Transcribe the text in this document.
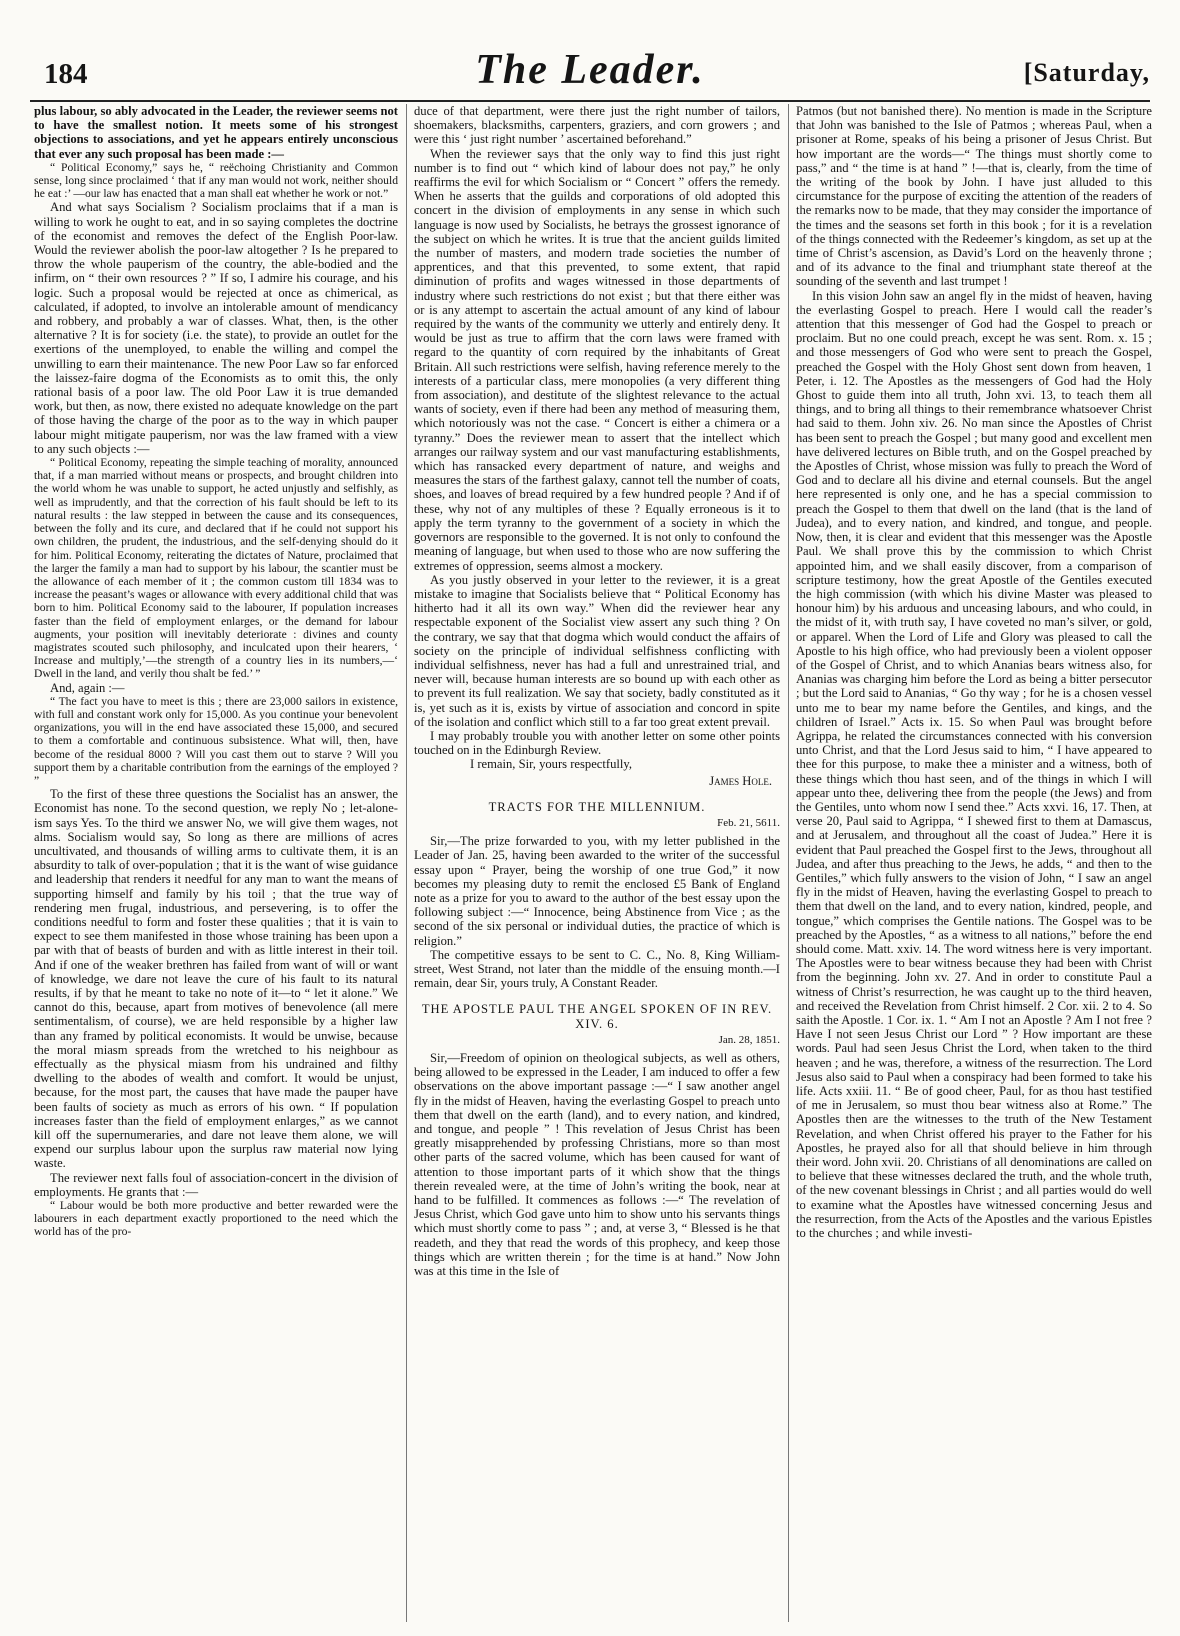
184	The Leader.	[Saturday,

plus labour, so ably advocated in the Leader, the reviewer seems not to have the smallest notion. It meets some of his strongest objections to associations, and yet he appears entirely unconscious that ever any such proposal has been made :—

“ Political Economy,” says he, “ reëchoing Christianity and Common sense, long since proclaimed ‘ that if any man would not work, neither should he eat :’ —our law has enacted that a man shall eat whether he work or not.”

And what says Socialism ? Socialism proclaims that if a man is willing to work he ought to eat, and in so saying completes the doctrine of the economist and removes the defect of the English Poor-law. Would the reviewer abolish the poor-law altogether ? Is he prepared to throw the whole pauperism of the country, the able-bodied and the infirm, on “ their own resources ? ” If so, I admire his courage, and his logic. Such a proposal would be rejected at once as chimerical, as calculated, if adopted, to involve an intolerable amount of mendicancy and robbery, and probably a war of classes. What, then, is the other alternative ? It is for society (i.e. the state), to provide an outlet for the exertions of the unemployed, to enable the willing and compel the unwilling to earn their maintenance. The new Poor Law so far enforced the laissez-faire dogma of the Economists as to omit this, the only rational basis of a poor law. The old Poor Law it is true demanded work, but then, as now, there existed no adequate knowledge on the part of those having the charge of the poor as to the way in which pauper labour might mitigate pauperism, nor was the law framed with a view to any such objects :—

“ Political Economy, repeating the simple teaching of morality, announced that, if a man married without means or prospects, and brought children into the world whom he was unable to support, he acted unjustly and selfishly, as well as imprudently, and that the correction of his fault should be left to its natural results : the law stepped in between the cause and its consequences, between the folly and its cure, and declared that if he could not support his own children, the prudent, the industrious, and the self-denying should do it for him. Political Economy, reiterating the dictates of Nature, proclaimed that the larger the family a man had to support by his labour, the scantier must be the allowance of each member of it ; the common custom till 1834 was to increase the peasant’s wages or allowance with every additional child that was born to him. Political Economy said to the labourer, If population increases faster than the field of employment enlarges, or the demand for labour augments, your position will inevitably deteriorate : divines and county magistrates scouted such philosophy, and inculcated upon their hearers, ‘ Increase and multiply,’—the strength of a country lies in its numbers,—‘ Dwell in the land, and verily thou shalt be fed.’ ”

And, again :—

“ The fact you have to meet is this ; there are 23,000 sailors in existence, with full and constant work only for 15,000. As you continue your benevolent organizations, you will in the end have associated these 15,000, and secured to them a comfortable and continuous subsistence. What will, then, have become of the residual 8000 ? Will you cast them out to starve ? Will you support them by a charitable contribution from the earnings of the employed ? ”

To the first of these three questions the Socialist has an answer, the Economist has none. To the second question, we reply No ; let-alone-ism says Yes. To the third we answer No, we will give them wages, not alms. Socialism would say, So long as there are millions of acres uncultivated, and thousands of willing arms to cultivate them, it is an absurdity to talk of over-population ; that it is the want of wise guidance and leadership that renders it needful for any man to want the means of supporting himself and family by his toil ; that the true way of rendering men frugal, industrious, and persevering, is to offer the conditions needful to form and foster these qualities ; that it is vain to expect to see them manifested in those whose training has been upon a par with that of beasts of burden and with as little interest in their toil. And if one of the weaker brethren has failed from want of will or want of knowledge, we dare not leave the cure of his fault to its natural results, if by that he meant to take no note of it—to “ let it alone.” We cannot do this, because, apart from motives of benevolence (all mere sentimentalism, of course), we are held responsible by a higher law than any framed by political economists. It would be unwise, because the moral miasm spreads from the wretched to his neighbour as effectually as the physical miasm from his undrained and filthy dwelling to the abodes of wealth and comfort. It would be unjust, because, for the most part, the causes that have made the pauper have been faults of society as much as errors of his own. “ If population increases faster than the field of employment enlarges,” as we cannot kill off the supernumeraries, and dare not leave them alone, we will expend our surplus labour upon the surplus raw material now lying waste.

The reviewer next falls foul of association-concert in the division of employments. He grants that :—

“ Labour would be both more productive and better rewarded were the labourers in each department exactly proportioned to the need which the world has of the pro-

duce of that department, were there just the right number of tailors, shoemakers, blacksmiths, carpenters, graziers, and corn growers ; and were this ‘ just right number ’ ascertained beforehand.”

When the reviewer says that the only way to find this just right number is to find out “ which kind of labour does not pay,” he only reaffirms the evil for which Socialism or “ Concert ” offers the remedy. When he asserts that the guilds and corporations of old adopted this concert in the division of employments in any sense in which such language is now used by Socialists, he betrays the grossest ignorance of the subject on which he writes. It is true that the ancient guilds limited the number of masters, and modern trade societies the number of apprentices, and that this prevented, to some extent, that rapid diminution of profits and wages witnessed in those departments of industry where such restrictions do not exist ; but that there either was or is any attempt to ascertain the actual amount of any kind of labour required by the wants of the community we utterly and entirely deny. It would be just as true to affirm that the corn laws were framed with regard to the quantity of corn required by the inhabitants of Great Britain. All such restrictions were selfish, having reference merely to the interests of a particular class, mere monopolies (a very different thing from association), and destitute of the slightest relevance to the actual wants of society, even if there had been any method of measuring them, which notoriously was not the case. “ Concert is either a chimera or a tyranny.” Does the reviewer mean to assert that the intellect which arranges our railway system and our vast manufacturing establishments, which has ransacked every department of nature, and weighs and measures the stars of the farthest galaxy, cannot tell the number of coats, shoes, and loaves of bread required by a few hundred people ? And if of these, why not of any multiples of these ? Equally erroneous is it to apply the term tyranny to the government of a society in which the governors are responsible to the governed. It is not only to confound the meaning of language, but when used to those who are now suffering the extremes of oppression, seems almost a mockery.

As you justly observed in your letter to the reviewer, it is a great mistake to imagine that Socialists believe that “ Political Economy has hitherto had it all its own way.” When did the reviewer hear any respectable exponent of the Socialist view assert any such thing ? On the contrary, we say that that dogma which would conduct the affairs of society on the principle of individual selfishness conflicting with individual selfishness, never has had a full and unrestrained trial, and never will, because human interests are so bound up with each other as to prevent its full realization. We say that society, badly constituted as it is, yet such as it is, exists by virtue of association and concord in spite of the isolation and conflict which still to a far too great extent prevail.

I may probably trouble you with another letter on some other points touched on in the Edinburgh Review.

I remain, Sir, yours respectfully,

James Hole.

TRACTS FOR THE MILLENNIUM.

Feb. 21, 5611.

Sir,—The prize forwarded to you, with my letter published in the Leader of Jan. 25, having been awarded to the writer of the successful essay upon “ Prayer, being the worship of one true God,” it now becomes my pleasing duty to remit the enclosed £5 Bank of England note as a prize for you to award to the author of the best essay upon the following subject :—“ Innocence, being Abstinence from Vice ; as the second of the six personal or individual duties, the practice of which is religion.”

The competitive essays to be sent to C. C., No. 8, King William-street, West Strand, not later than the middle of the ensuing month.—I remain, dear Sir, yours truly, A Constant Reader.

THE APOSTLE PAUL THE ANGEL SPOKEN OF IN REV. XIV. 6.

Jan. 28, 1851.

Sir,—Freedom of opinion on theological subjects, as well as others, being allowed to be expressed in the Leader, I am induced to offer a few observations on the above important passage :—“ I saw another angel fly in the midst of Heaven, having the everlasting Gospel to preach unto them that dwell on the earth (land), and to every nation, and kindred, and tongue, and people ” ! This revelation of Jesus Christ has been greatly misapprehended by professing Christians, more so than most other parts of the sacred volume, which has been caused for want of attention to those important parts of it which show that the things therein revealed were, at the time of John’s writing the book, near at hand to be fulfilled. It commences as follows :—“ The revelation of Jesus Christ, which God gave unto him to show unto his servants things which must shortly come to pass ” ; and, at verse 3, “ Blessed is he that readeth, and they that read the words of this prophecy, and keep those things which are written therein ; for the time is at hand.” Now John was at this time in the Isle of

Patmos (but not banished there). No mention is made in the Scripture that John was banished to the Isle of Patmos ; whereas Paul, when a prisoner at Rome, speaks of his being a prisoner of Jesus Christ. But how important are the words—“ The things must shortly come to pass,” and “ the time is at hand ” !—that is, clearly, from the time of the writing of the book by John. I have just alluded to this circumstance for the purpose of exciting the attention of the readers of the remarks now to be made, that they may consider the importance of the times and the seasons set forth in this book ; for it is a revelation of the things connected with the Redeemer’s kingdom, as set up at the time of Christ’s ascension, as David’s Lord on the heavenly throne ; and of its advance to the final and triumphant state thereof at the sounding of the seventh and last trumpet !

In this vision John saw an angel fly in the midst of heaven, having the everlasting Gospel to preach. Here I would call the reader’s attention that this messenger of God had the Gospel to preach or proclaim. But no one could preach, except he was sent. Rom. x. 15 ; and those messengers of God who were sent to preach the Gospel, preached the Gospel with the Holy Ghost sent down from heaven, 1 Peter, i. 12. The Apostles as the messengers of God had the Holy Ghost to guide them into all truth, John xvi. 13, to teach them all things, and to bring all things to their remembrance whatsoever Christ had said to them. John xiv. 26. No man since the Apostles of Christ has been sent to preach the Gospel ; but many good and excellent men have delivered lectures on Bible truth, and on the Gospel preached by the Apostles of Christ, whose mission was fully to preach the Word of God and to declare all his divine and eternal counsels. But the angel here represented is only one, and he has a special commission to preach the Gospel to them that dwell on the land (that is the land of Judea), and to every nation, and kindred, and tongue, and people. Now, then, it is clear and evident that this messenger was the Apostle Paul. We shall prove this by the commission to which Christ appointed him, and we shall easily discover, from a comparison of scripture testimony, how the great Apostle of the Gentiles executed the high commission (with which his divine Master was pleased to honour him) by his arduous and unceasing labours, and who could, in the midst of it, with truth say, I have coveted no man’s silver, or gold, or apparel. When the Lord of Life and Glory was pleased to call the Apostle to his high office, who had previously been a violent opposer of the Gospel of Christ, and to which Ananias bears witness also, for Ananias was charging him before the Lord as being a bitter persecutor ; but the Lord said to Ananias, “ Go thy way ; for he is a chosen vessel unto me to bear my name before the Gentiles, and kings, and the children of Israel.” Acts ix. 15. So when Paul was brought before Agrippa, he related the circumstances connected with his conversion unto Christ, and that the Lord Jesus said to him, “ I have appeared to thee for this purpose, to make thee a minister and a witness, both of these things which thou hast seen, and of the things in which I will appear unto thee, delivering thee from the people (the Jews) and from the Gentiles, unto whom now I send thee.” Acts xxvi. 16, 17. Then, at verse 20, Paul said to Agrippa, “ I shewed first to them at Damascus, and at Jerusalem, and throughout all the coast of Judea.” Here it is evident that Paul preached the Gospel first to the Jews, throughout all Judea, and after thus preaching to the Jews, he adds, “ and then to the Gentiles,” which fully answers to the vision of John, “ I saw an angel fly in the midst of Heaven, having the everlasting Gospel to preach to them that dwell on the land, and to every nation, kindred, people, and tongue,” which comprises the Gentile nations. The Gospel was to be preached by the Apostles, “ as a witness to all nations,” before the end should come. Matt. xxiv. 14. The word witness here is very important. The Apostles were to bear witness because they had been with Christ from the beginning. John xv. 27. And in order to constitute Paul a witness of Christ’s resurrection, he was caught up to the third heaven, and received the Revelation from Christ himself. 2 Cor. xii. 2 to 4. So saith the Apostle. 1 Cor. ix. 1. “ Am I not an Apostle ? Am I not free ? Have I not seen Jesus Christ our Lord ” ? How important are these words. Paul had seen Jesus Christ the Lord, when taken to the third heaven ; and he was, therefore, a witness of the resurrection. The Lord Jesus also said to Paul when a conspiracy had been formed to take his life. Acts xxiii. 11. “ Be of good cheer, Paul, for as thou hast testified of me in Jerusalem, so must thou bear witness also at Rome.” The Apostles then are the witnesses to the truth of the New Testament Revelation, and when Christ offered his prayer to the Father for his Apostles, he prayed also for all that should believe in him through their word. John xvii. 20. Christians of all denominations are called on to believe that these witnesses declared the truth, and the whole truth, of the new covenant blessings in Christ ; and all parties would do well to examine what the Apostles have witnessed concerning Jesus and the resurrection, from the Acts of the Apostles and the various Epistles to the churches ; and while investi-
